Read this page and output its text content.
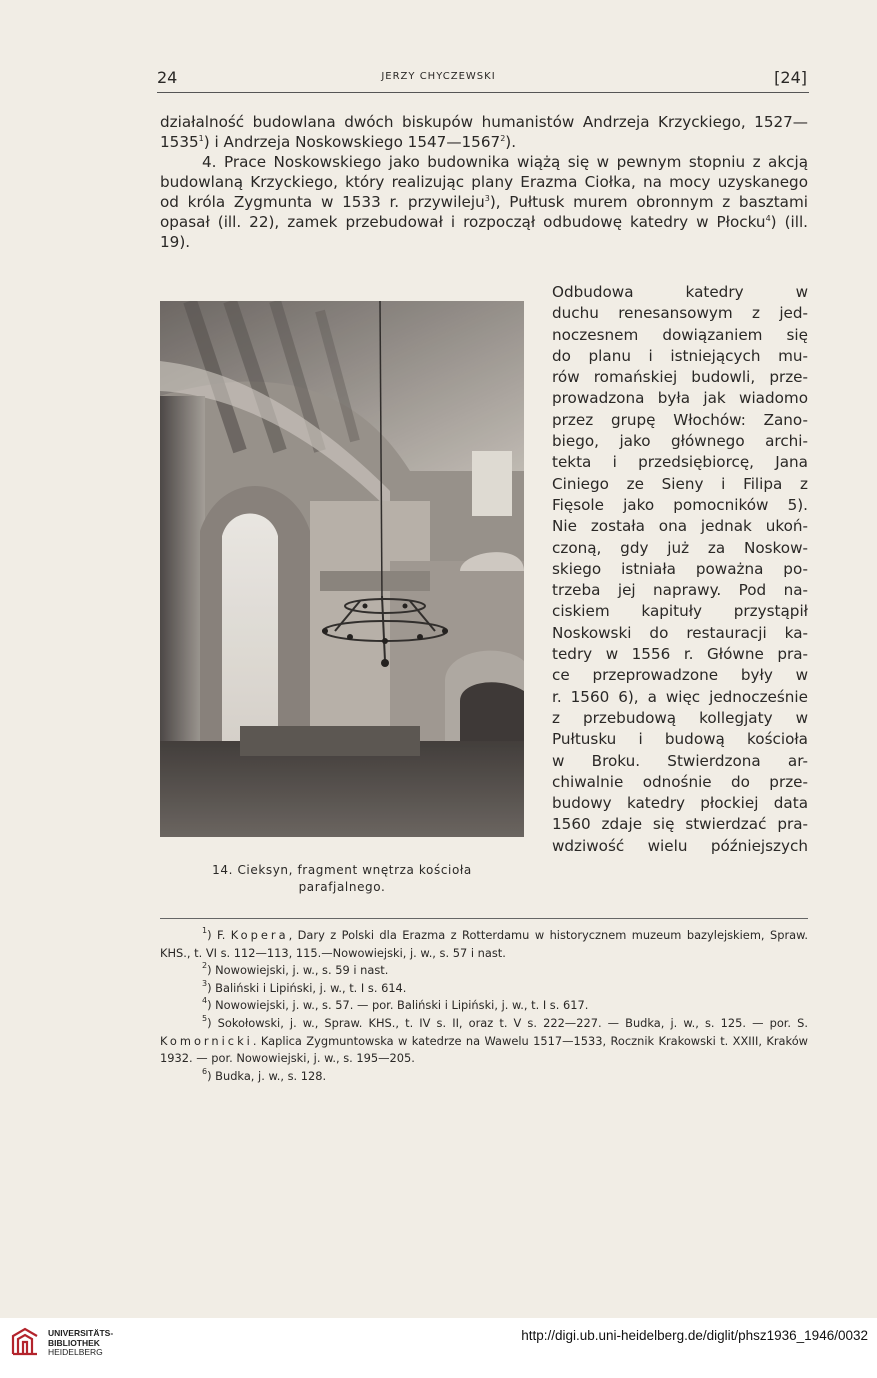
24	JERZY CHYCZEWSKI	[24]

działalność budowlana dwóch biskupów humanistów Andrzeja Krzyckiego, 1527—1535$^1$) i Andrzeja Noskowskiego 1547—1567$^2$).

4. Prace Noskowskiego jako budownika wiążą się w pewnym stopniu z akcją budowlaną Krzyckiego, który realizując plany Erazma Ciołka, na mocy uzyskanego od króla Zygmunta w 1533 r. przywileju$^3$), Pułtusk murem obronnym z basztami opasał (ill. 22), zamek przebudował i rozpoczął odbudowę katedry w Płocku$^4$) (ill. 19).

14. Cieksyn, fragment wnętrza kościoła
parafjalnego.
Odbudowa katedry w
duchu renesansowym z jed-
noczesnem dowiązaniem się
do planu i istniejących mu-
rów romańskiej budowli, prze-
prowadzona była jak wiadomo
przez grupę Włochów: Zano-
biego, jako głównego archi-
tekta i przedsiębiorcę, Jana
Ciniego ze Sieny i Filipa z
Fięsole jako pomocników 5).
Nie została ona jednak ukoń-
czoną, gdy już za Noskow-
skiego istniała poważna po-
trzeba jej naprawy. Pod na-
ciskiem kapituły przystąpił
Noskowski do restauracji ka-
tedry w 1556 r. Główne pra-
ce przeprowadzone były w
r. 1560 6), a więc jednocześnie
z przebudową kollegjaty w
Pułtusku i budową kościoła
w Broku. Stwierdzona ar-
chiwalnie odnośnie do prze-
budowy katedry płockiej data
1560 zdaje się stwierdzać pra-
wdziwość wielu późniejszych

$^1$) F. Kopera, Dary z Polski dla Erazma z Rotterdamu w historycznem muzeum bazylejskiem, Spraw. KHS., t. VI s. 112—113, 115.—Nowowiejski, j. w., s. 57 i nast.

$^2$) Nowowiejski, j. w., s. 59 i nast.

$^3$) Baliński i Lipiński, j. w., t. I s. 614.

$^4$) Nowowiejski, j. w., s. 57. — por. Baliński i Lipiński, j. w., t. I s. 617.

$^5$) Sokołowski, j. w., Spraw. KHS., t. IV s. II, oraz t. V s. 222—227. — Budka, j. w., s. 125. — por. S. Komornicki. Kaplica Zygmuntowska w katedrze na Wawelu 1517—1533, Rocznik Krakowski t. XXIII, Kraków 1932. — por. Nowowiejski, j. w., s. 195—205.

$^6$) Budka, j. w., s. 128.

UNIVERSITÄTS-
BIBLIOTHEK
HEIDELBERG
http://digi.ub.uni-heidelberg.de/diglit/phsz1936_1946/0032
